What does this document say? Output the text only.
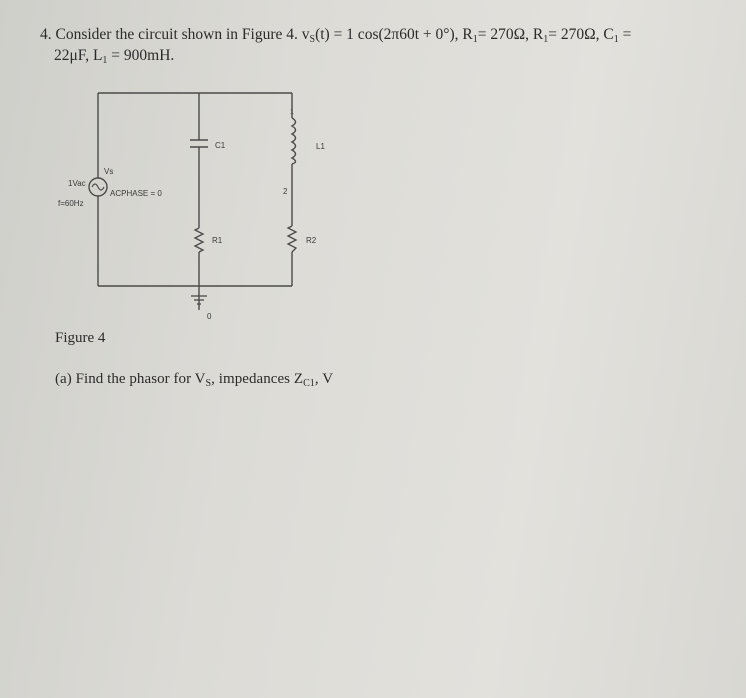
4. Consider the circuit shown in Figure 4. $v_S(t) = 1$ cos(2π60t + 0°), $R_1= 270\Omega$, $R_1= 270\Omega$, $C_1$ =
22μF, $L_1 = 900mH$.
Vs
1Vac
ACPHASE = 0
f=60Hz
C1	L1
R1	R2
1
2
0
Figure 4
(a) Find the phasor for $V_S$, impedances $Z_{C1}$, V
